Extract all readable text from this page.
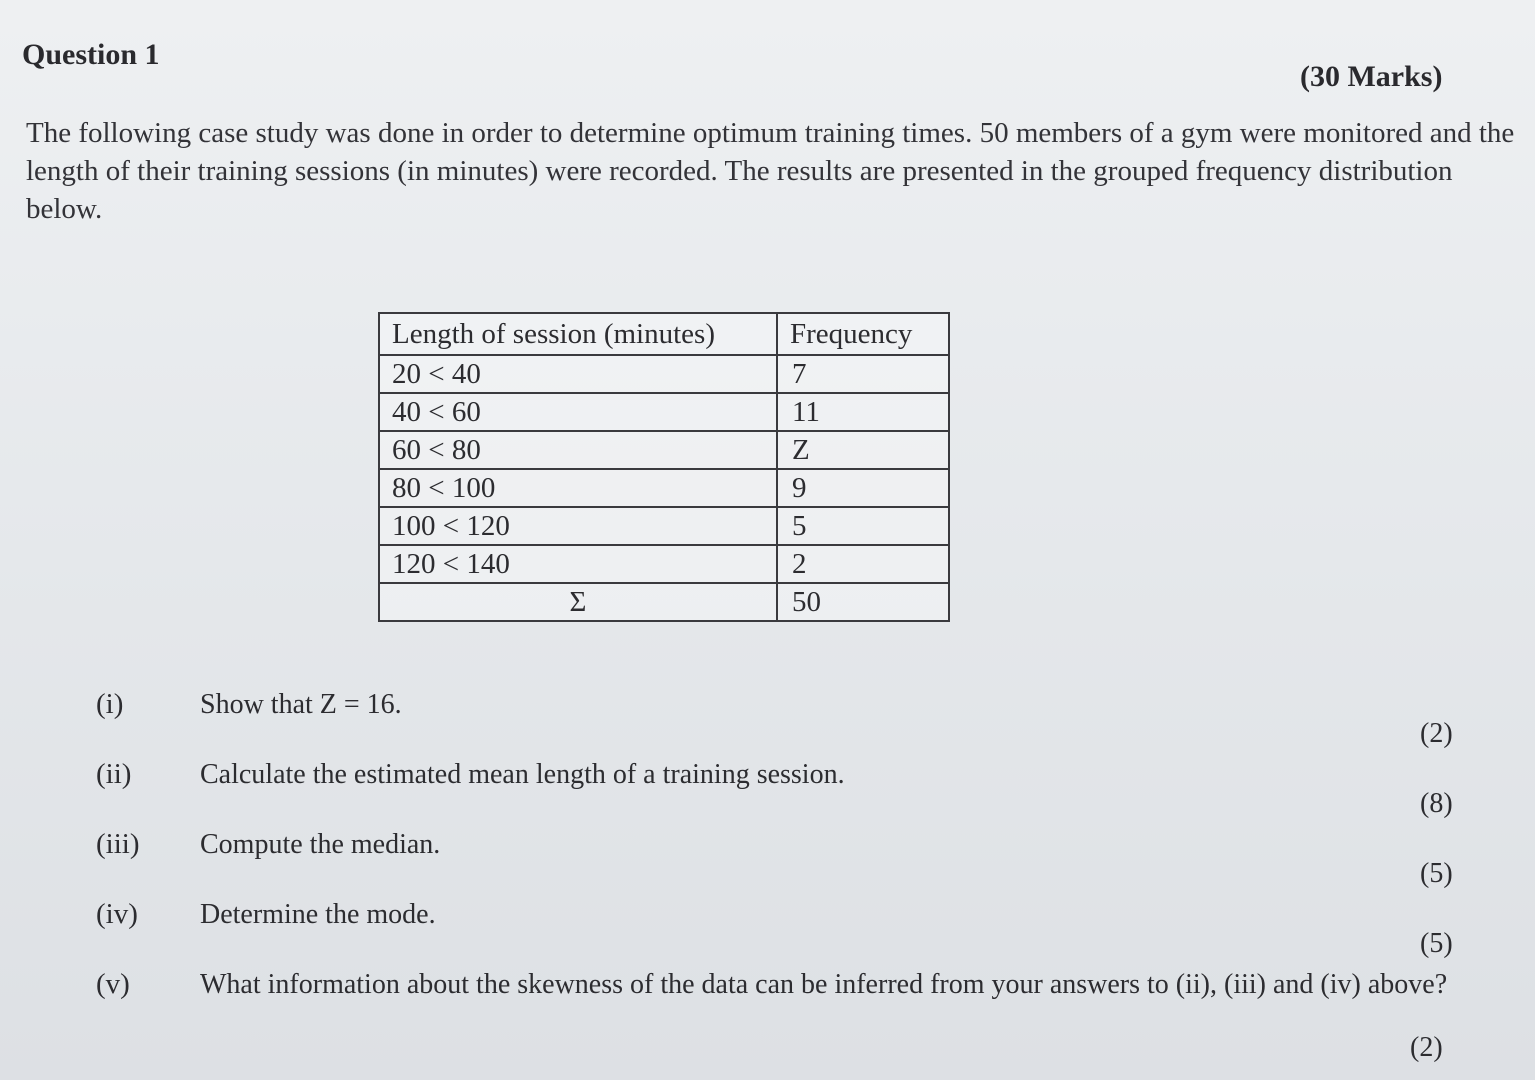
Question 1
(30 Marks)

The following case study was done in order to determine optimum training times. 50 members of a gym were monitored and the length of their training sessions (in minutes) were recorded. The results are presented in the grouped frequency distribution below.

Length of session (minutes)	Frequency
20 < 40	7
40 < 60	11
60 < 80	Z
80 < 100	9
100 < 120	5
120 < 140	2
Σ	50
(i)	Show that Z = 16.
(2)
(ii) Calculate the estimated mean length of a training session.
(8)
(iii) Compute the median.
(5)
(iv) Determine the mode.
(5)
(v)	What information about the skewness of the data can be inferred from your answers to (ii), (iii) and (iv) above?
(2)
